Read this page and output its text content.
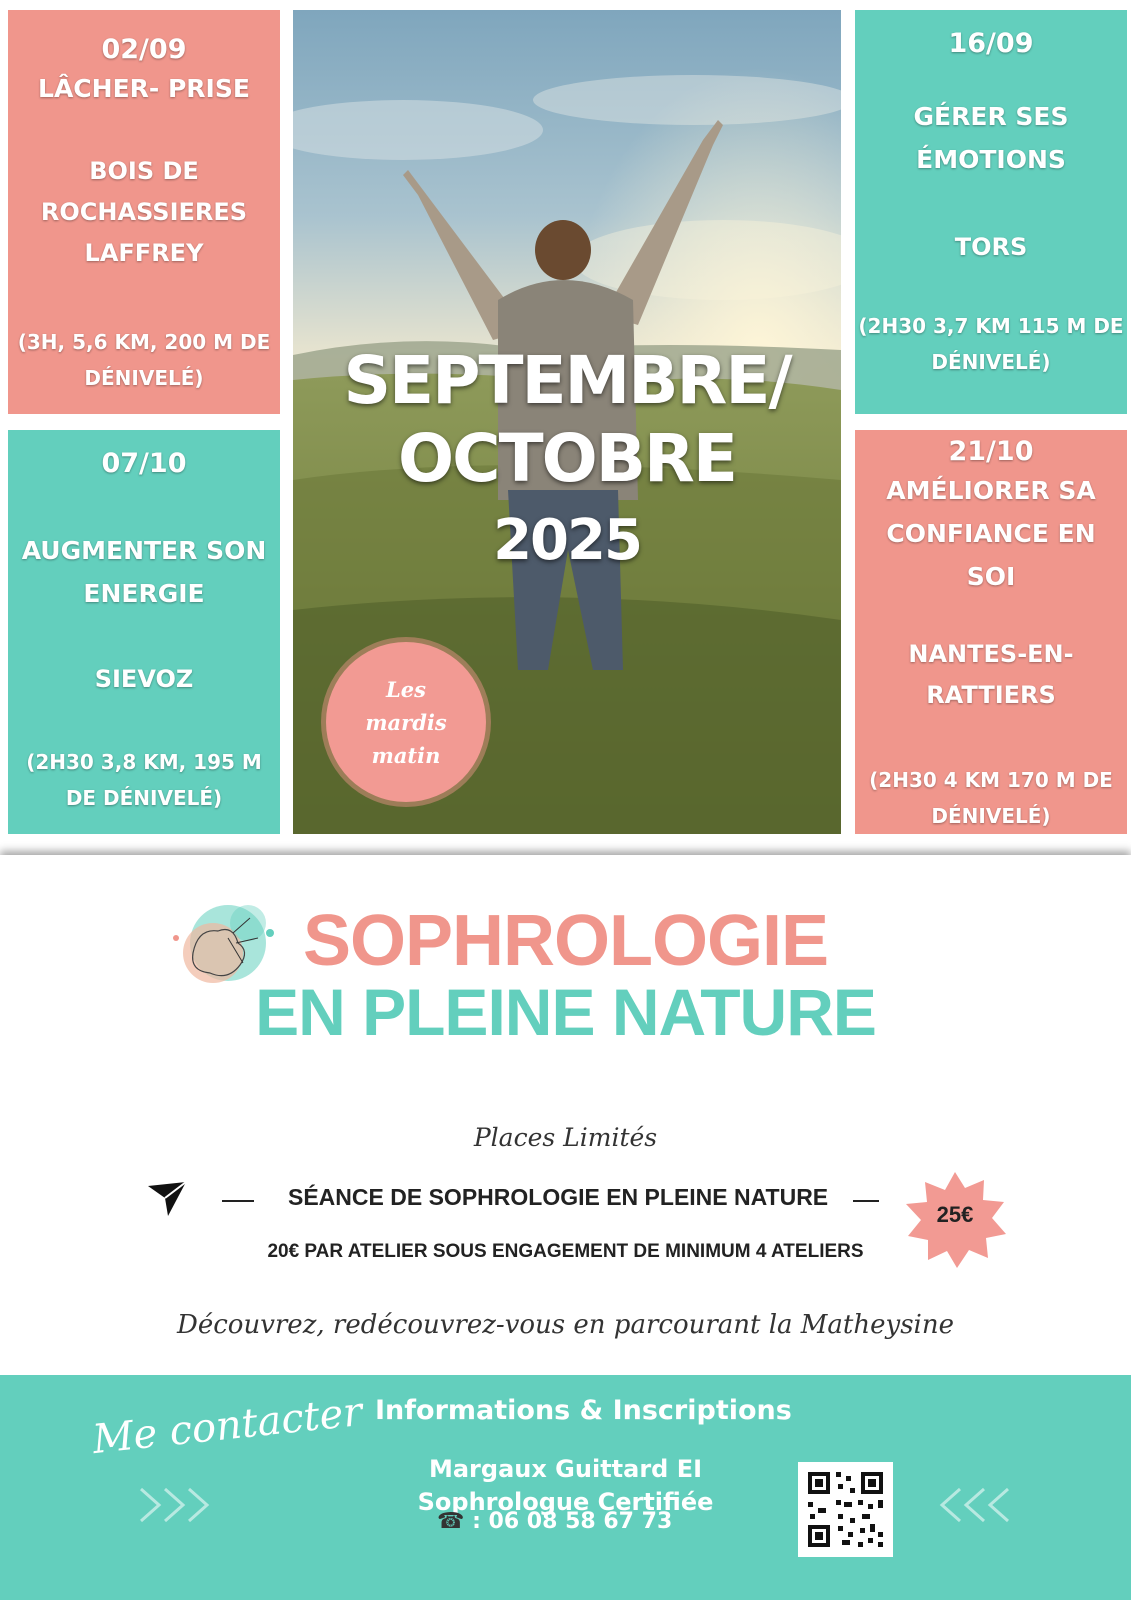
02/09
LÂCHER- PRISE
BOIS DE
ROCHASSIERES
LAFFREY
(3H, 5,6 KM, 200 M DE
DÉNIVELÉ)
16/09
GÉRER SES
ÉMOTIONS
TORS
(2H30 3,7 KM 115 M DE
DÉNIVELÉ)
07/10
AUGMENTER SON
ENERGIE
SIEVOZ
(2H30 3,8 KM, 195 M
DE DÉNIVELÉ)
21/10
AMÉLIORER SA
CONFIANCE EN
SOI
NANTES-EN-
RATTIERS
(2H30 4 KM 170 M DE
DÉNIVELÉ)
SEPTEMBRE/
OCTOBRE
2025
Les
mardis
matin
SOPHROLOGIE
EN PLEINE NATURE
Places Limités
SÉANCE DE SOPHROLOGIE EN PLEINE NATURE
25€
20€ PAR ATELIER SOUS ENGAGEMENT DE MINIMUM 4 ATELIERS
Découvrez, redécouvrez-vous en parcourant la Matheysine
Me contacter Informations & Inscriptions
Margaux Guittard EI
Sophrologue Certifiée
☎ : 06 08 58 67 73
